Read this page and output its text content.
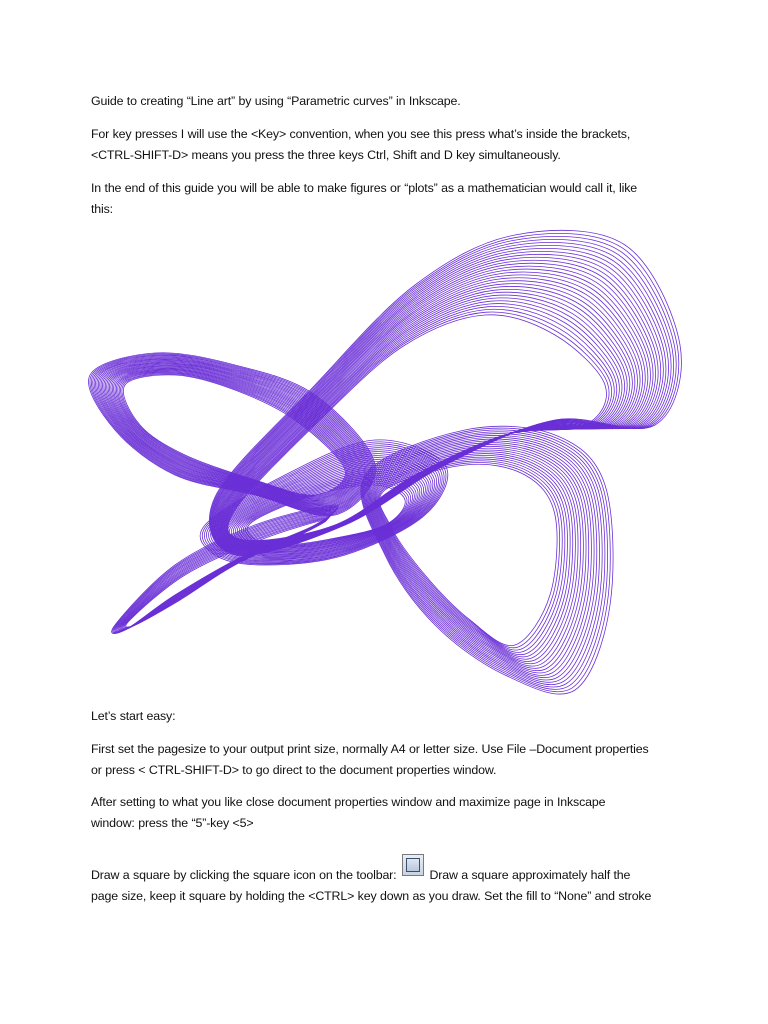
Guide to creating “Line art” by using “Parametric curves” in Inkscape.

For key presses I will use the <Key> convention, when you see this press what’s inside the brackets,
<CTRL-SHIFT-D> means you press the three keys Ctrl, Shift and D key simultaneously.

In the end of this guide you will be able to make figures or “plots” as a mathematician would call it, like
this:

Let’s start easy:

First set the pagesize to your output print size, normally A4 or letter size. Use File –Document properties
or press < CTRL-SHIFT-D> to go direct to the document properties window.

After setting to what you like close document properties window and maximize page in Inkscape
window: press the “5”-key <5>

Draw a square by clicking the square icon on the toolbar:
Draw a square approximately half the
page size, keep it square by holding the <CTRL> key down as you draw. Set the fill to “None” and stroke
